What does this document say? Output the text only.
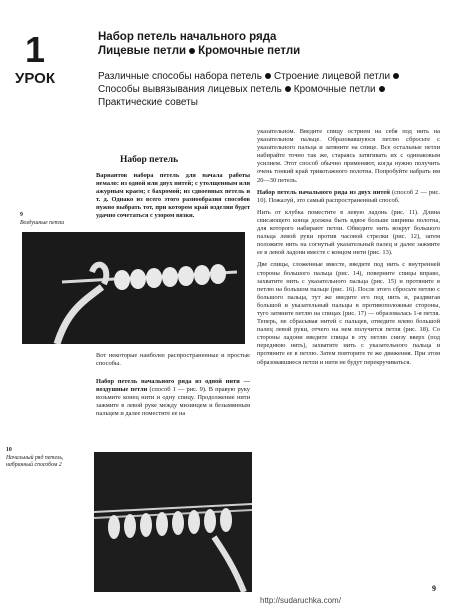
1
УРОК
Набор петель начального ряда
Лицевые петли Кромочные петли
Различные способы набора петель Строение лицевой петлиСпособы вывязывания лицевых петель Кромочные петлиПрактические советы
Набор петель

Вариантов набора петель для начала работы немало: из одной или двух нитей; с утолщенным или ажурным краем; с бахромой; из сдвоенных петель и т. д. Однако из всего этого разнообразия способов нужно выбрать тот, при котором край изделия будет удачно сочетаться с узором вязки.

9
Воздушные петли

Вот некоторые наиболее распространенные и простые способы.

Набор петель начального ряда из одной нити — воздушные петли (способ 1 — рис. 9). В правую руку возьмите конец нити и одну спицу. Продолжение нити зажмите в левой руке между мизинцем и безымянным пальцем и далее поместите ее на

10
Начальный ряд петель, набранный способом 2

указательном. Введите спицу острием на себя под нить на указательном пальце. Образовавшуюся петлю сбросьте с указательного пальца и затяните на спице. Все остальные петли набирайте точно так же, стараясь затягивать их с одинаковым усилием. Этот способ обычно применяют, когда нужно получить очень тонкий край трикотажного полотна. Попробуйте набрать им 20—30 петель.

Набор петель начального ряда из двух нитей (способ 2 — рис. 10). Пожалуй, это самый распространенный способ.

Нить от клубка поместите в левую ладонь (рис. 11). Длина свисающего конца должна быть вдвое больше ширины полотна, для которого набирают петли. Обведите нить вокруг большого пальца левой руки против часовой стрелки (рис. 12), затем положите нить на согнутый указательный палец и далее зажмите ее в левой ладони вместе с концом нити (рис. 13).

Две спицы, сложенные вместе, введите под нить с внутренней стороны большого пальца (рис. 14), поверните спицы вправо, захватите нить с указательного пальца (рис. 15) и протяните в петлю на большом пальце (рис. 16). После этого сбросьте петлю с большого пальца, тут же введите его под нить и, раздвигая большой и указательный пальцы в противоположные стороны, туго затяните петлю на спицах (рис. 17) — образовалась 1-я петля. Теперь, не сбрасывая нитей с пальцев, отведите влево большой палец левой руки, отчего на нем получится петля (рис. 18). Со стороны ладони введите спицы в эту петлю снизу вверх (под переднюю нить), захватите нить с указательного пальца и протяните ее в петлю. Затем повторите те же движения. При этом образовавшиеся петли и нити не будут перекручиваться.

9
http://sudaruchka.com/
